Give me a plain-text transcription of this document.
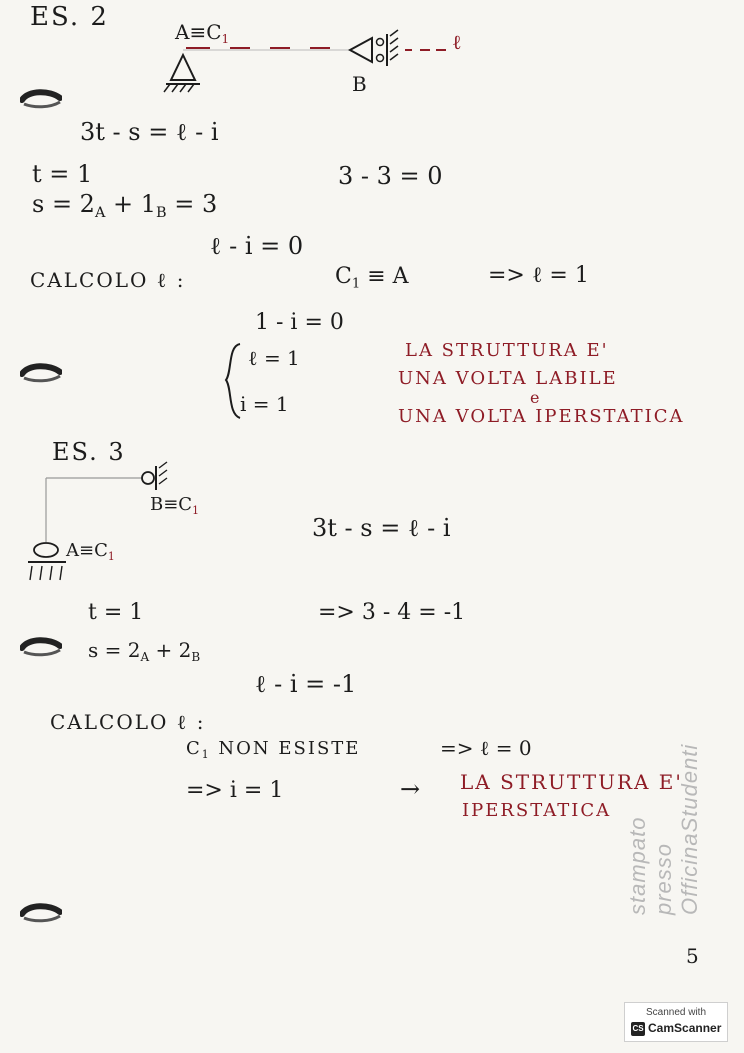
ES. 2	$A\equiv C_1$	ℓ
B
3t - s = ℓ - i
t = 1	3 - 3 = 0
$s = 2_A + 1_B = 3$
ℓ - i = 0
CALCOLO ℓ :	$C_1 \equiv A$	=> ℓ = 1
1 - i = 0
ℓ = 1
i = 1
LA STRUTTURA E'
UNA VOLTA LABILE
e
UNA VOLTA IPERSTATICA
ES. 3
$B\equiv C_1$
$A\equiv C_1$
3t - s = ℓ - i
t = 1	=> 3 - 4 = -1
$s = 2_A + 2_B$
ℓ - i = -1
CALCOLO ℓ :
$C_1$ NON ESISTE	=> ℓ = 0
=> i = 1	→ LA STRUTTURA E'
IPERSTATICA
5
stampato presso OfficinaStudenti
Scanned with
CS CamScanner
